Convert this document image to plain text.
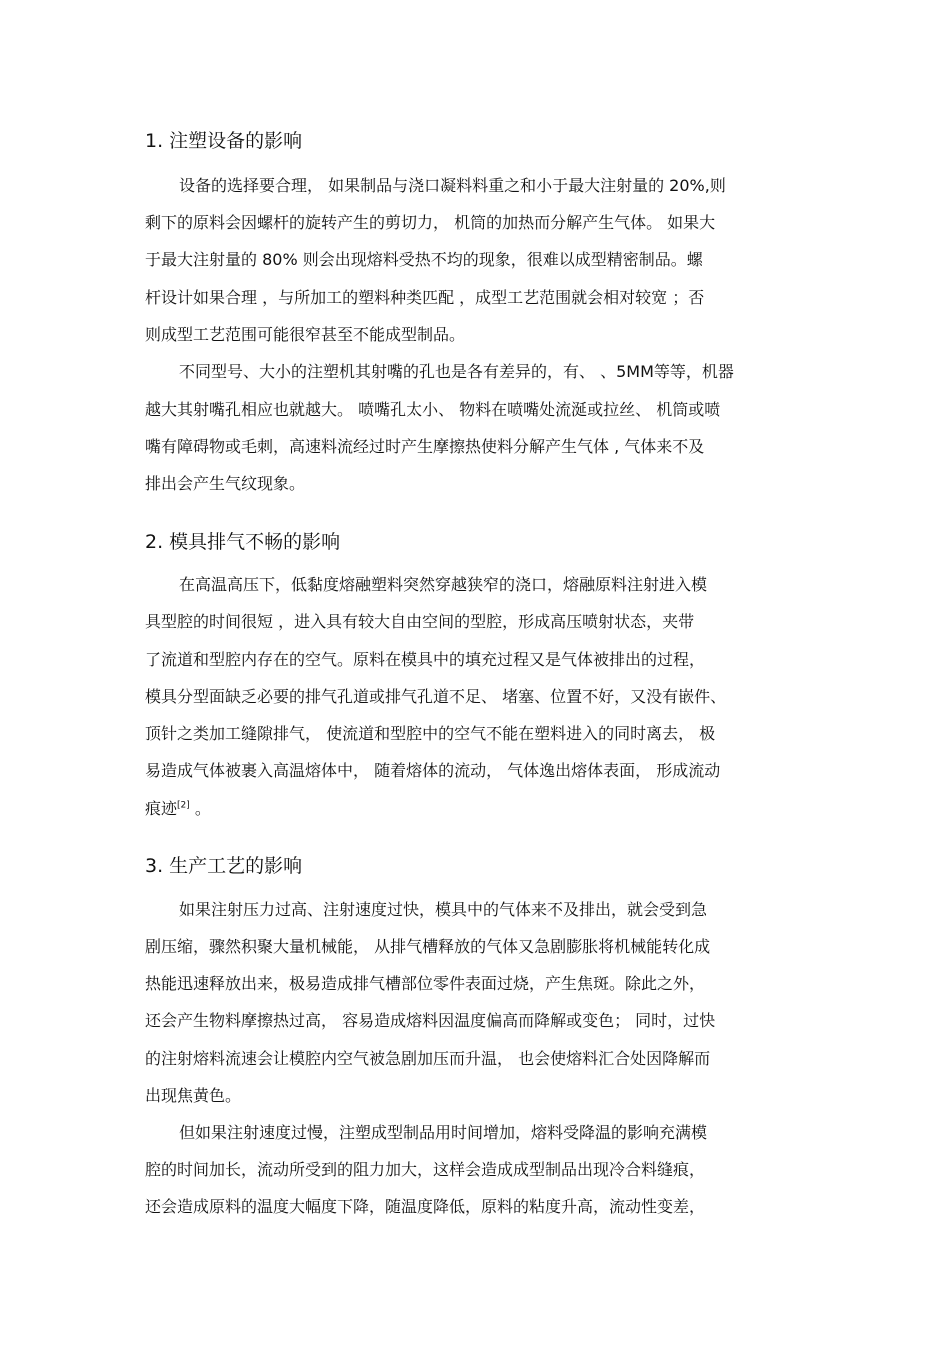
1. 注塑设备的影响
设备的选择要合理， 如果制品与浇口凝料料重之和小于最大注射量的 20%,则
剩下的原料会因螺杆的旋转产生的剪切力， 机筒的加热而分解产生气体。 如果大
于最大注射量的 80% 则会出现熔料受热不均的现象，很难以成型精密制品。螺
杆设计如果合理 ，与所加工的塑料种类匹配 ，成型工艺范围就会相对较宽 ；否
则成型工艺范围可能很窄甚至不能成型制品。
不同型号、大小的注塑机其射嘴的孔也是各有差异的，有、 、5MM等等，机器
越大其射嘴孔相应也就越大。 喷嘴孔太小、 物料在喷嘴处流涎或拉丝、 机筒或喷
嘴有障碍物或毛刺，高速料流经过时产生摩擦热使料分解产生气体 , 气体来不及
排出会产生气纹现象。
2. 模具排气不畅的影响
在高温高压下，低黏度熔融塑料突然穿越狭窄的浇口，熔融原料注射进入模
具型腔的时间很短 ，进入具有较大自由空间的型腔，形成高压喷射状态，夹带
了流道和型腔内存在的空气。原料在模具中的填充过程又是气体被排出的过程，
模具分型面缺乏必要的排气孔道或排气孔道不足、 堵塞、位置不好，又没有嵌件、
顶针之类加工缝隙排气， 使流道和型腔中的空气不能在塑料进入的同时离去， 极
易造成气体被裹入高温熔体中， 随着熔体的流动， 气体逸出熔体表面， 形成流动
痕迹[2] 。
3. 生产工艺的影响
如果注射压力过高、注射速度过快，模具中的气体来不及排出，就会受到急
剧压缩，骤然积聚大量机械能， 从排气槽释放的气体又急剧膨胀将机械能转化成
热能迅速释放出来，极易造成排气槽部位零件表面过烧，产生焦斑。除此之外，
还会产生物料摩擦热过高， 容易造成熔料因温度偏高而降解或变色； 同时，过快
的注射熔料流速会让模腔内空气被急剧加压而升温， 也会使熔料汇合处因降解而
出现焦黄色。
但如果注射速度过慢，注塑成型制品用时间增加，熔料受降温的影响充满模
腔的时间加长，流动所受到的阻力加大，这样会造成成型制品出现冷合料缝痕，
还会造成原料的温度大幅度下降，随温度降低，原料的粘度升高，流动性变差，
